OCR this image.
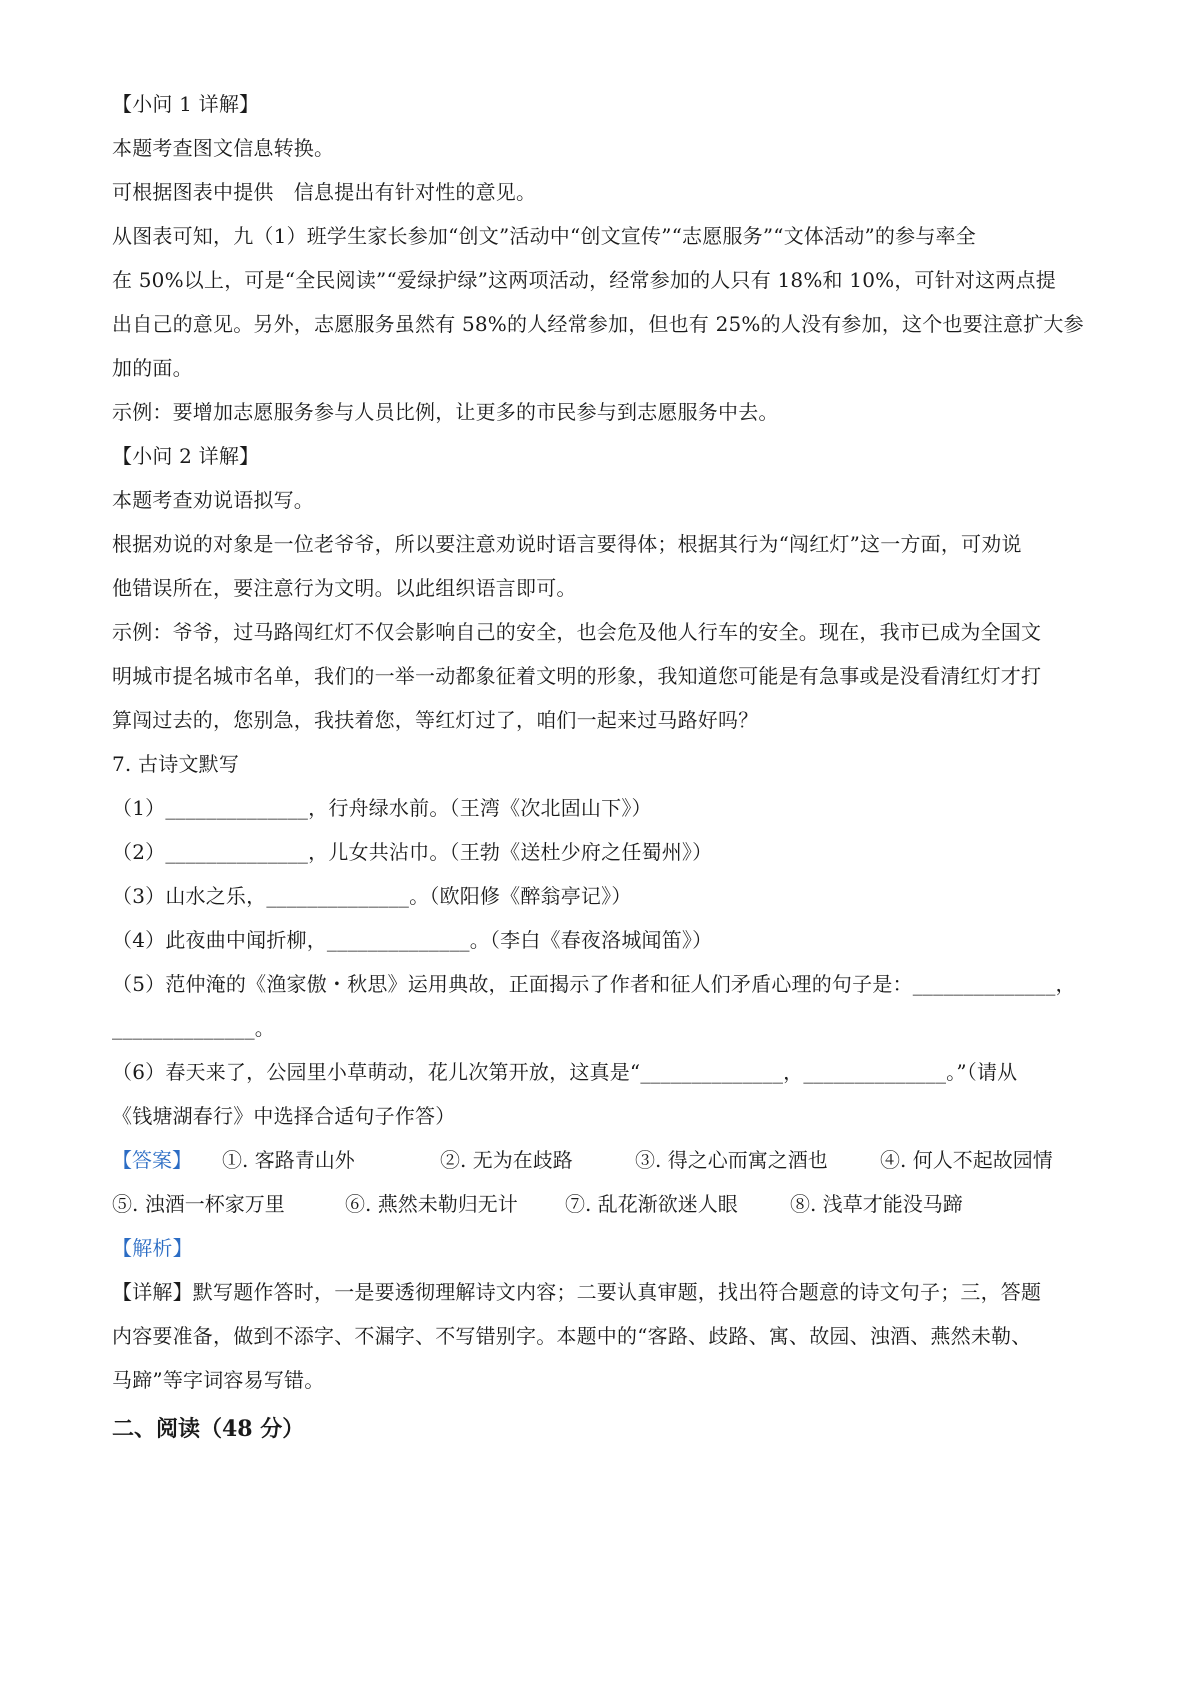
【小问 1 详解】
本题考查图文信息转换。
可根据图表中提供　信息提出有针对性的意见。
从图表可知，九（1）班学生家长参加“创文”活动中“创文宣传”“志愿服务”“文体活动”的参与率全
在 50%以上，可是“全民阅读”“爱绿护绿”这两项活动，经常参加的人只有 18%和 10%，可针对这两点提
出自己的意见。另外，志愿服务虽然有 58%的人经常参加，但也有 25%的人没有参加，这个也要注意扩大参
加的面。
示例：要增加志愿服务参与人员比例，让更多的市民参与到志愿服务中去。
【小问 2 详解】
本题考查劝说语拟写。
根据劝说的对象是一位老爷爷，所以要注意劝说时语言要得体；根据其行为“闯红灯”这一方面，可劝说
他错误所在，要注意行为文明。以此组织语言即可。
示例：爷爷，过马路闯红灯不仅会影响自己的安全，也会危及他人行车的安全。现在，我市已成为全国文
明城市提名城市名单，我们的一举一动都象征着文明的形象，我知道您可能是有急事或是没看清红灯才打
算闯过去的，您别急，我扶着您，等红灯过了，咱们一起来过马路好吗？
7. 古诗文默写
（1）______________，行舟绿水前。（王湾《次北固山下》）
（2）______________，儿女共沾巾。（王勃《送杜少府之任蜀州》）
（3）山水之乐，______________。（欧阳修《醉翁亭记》）
（4）此夜曲中闻折柳，______________。（李白《春夜洛城闻笛》）
（5）范仲淹的《渔家傲・秋思》运用典故，正面揭示了作者和征人们矛盾心理的句子是：______________，
______________。
（6）春天来了，公园里小草萌动，花儿次第开放，这真是“______________，______________。”（请从
《钱塘湖春行》中选择合适句子作答）
【答案】 ①. 客路青山外	②. 无为在歧路	③. 得之心而寓之酒也	④. 何人不起故园情
⑤. 浊酒一杯家万里	⑥. 燕然未勒归无计 ⑦. 乱花渐欲迷人眼	⑧. 浅草才能没马蹄
【解析】
【详解】默写题作答时，一是要透彻理解诗文内容；二要认真审题，找出符合题意的诗文句子；三，答题
内容要准备，做到不添字、不漏字、不写错别字。本题中的“客路、歧路、寓、故园、浊酒、燕然未勒、
马蹄”等字词容易写错。
二、阅读（48 分）
